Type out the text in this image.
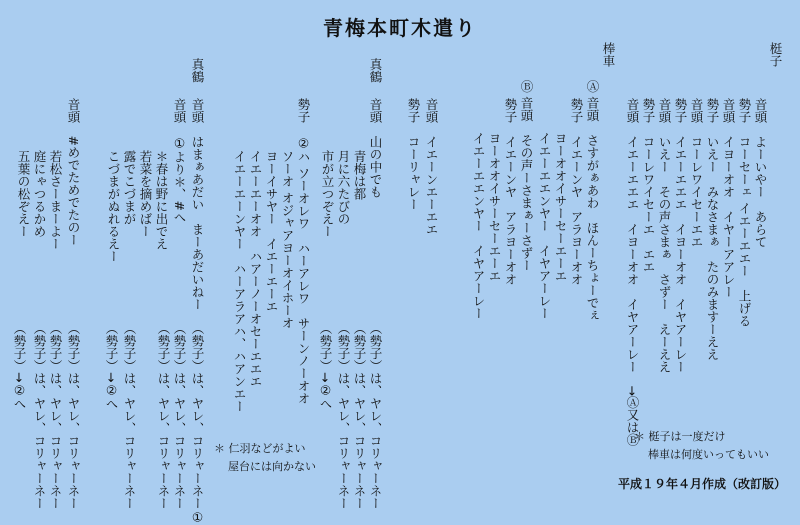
青梅本町木遣り
梃子
音頭　よーいやー　あらて
勢子　コーセーェ イエーエエー　上げる
音頭　イヨーオオ　イヤーアアレー
勢子　いえー　みなさまぁ　たのみますーええ
音頭　コーレワイセーエエ
勢子　イエーエエエ　イヨーオオ　イヤアーレー
音頭　いえー　その声さまぁ　さずー　えーええ
勢子　コーレワイセーエ　エエ
音頭　イエーエエエ　イヨーオオ　イヤアーレー　→Ⓐ又はⒷ
棒車
Ⓐ 音頭　さすがぁあわ　ほんーちょーでぇ
勢子　イエーンヤ　アラヨーオオ
ヨーオオイサーセーエーエ
イエーエエンヤー　イヤアーレー
Ⓑ 音頭　その声ーさまぁーさずー
勢子　イエーンヤ　アラヨーオオ
ヨーオオイサーセーエーエ
イエーエエンヤー　イヤアーレー
音頭　イエーンエーエエ
勢子　コーリャレー
真鶴
音頭　山の中でも
青梅は都
月に六たびの
市が立つぞえー
勢子　②ハ ソーオレワ　ハーアレワ　サーンノーオオ
ソーオ オジャアヨーオイホーオ
ヨーイサヤー　イエーエーエ
イエーエーオオ　ハアーノーオセーエエエ
イエーエーンヤー　ハーアラアハ、ハアンエー
（勢子）は、ヤレ、コリャーネー
（勢子）は、ヤレ、コリャーネー
（勢子）は、ヤレ、コリャーネー
（勢子）→②へ
真鶴
音頭　はまぁあだい　まーあだいねー
音頭　①より＊、#へ
＊春は野に出でえ
若菜を摘めばー
露でこづまが
こづまがぬれるえー
（勢子）は、ヤレ、コリャーネー①
（勢子）は、ヤレ、コリャーネー
（勢子）は、ヤレ、コリャーネー
（勢子）は、ヤレ、コリャーネー
（勢子）→②へ
音頭　#めでためでたのー
若松さーまーよー
庭にゃつるかめ
五葉の松ぞえー
（勢子）は、ヤレ、コリャーネー
（勢子）は、ヤレ、コリャーネー
（勢子）は、ヤレ、コリャーネー
（勢子）→②へ
＊ 仁羽などがよい
屋台には向かない
＊ 梃子は一度だけ
棒車は何度いってもいい
平成１９年４月作成（改訂版）
